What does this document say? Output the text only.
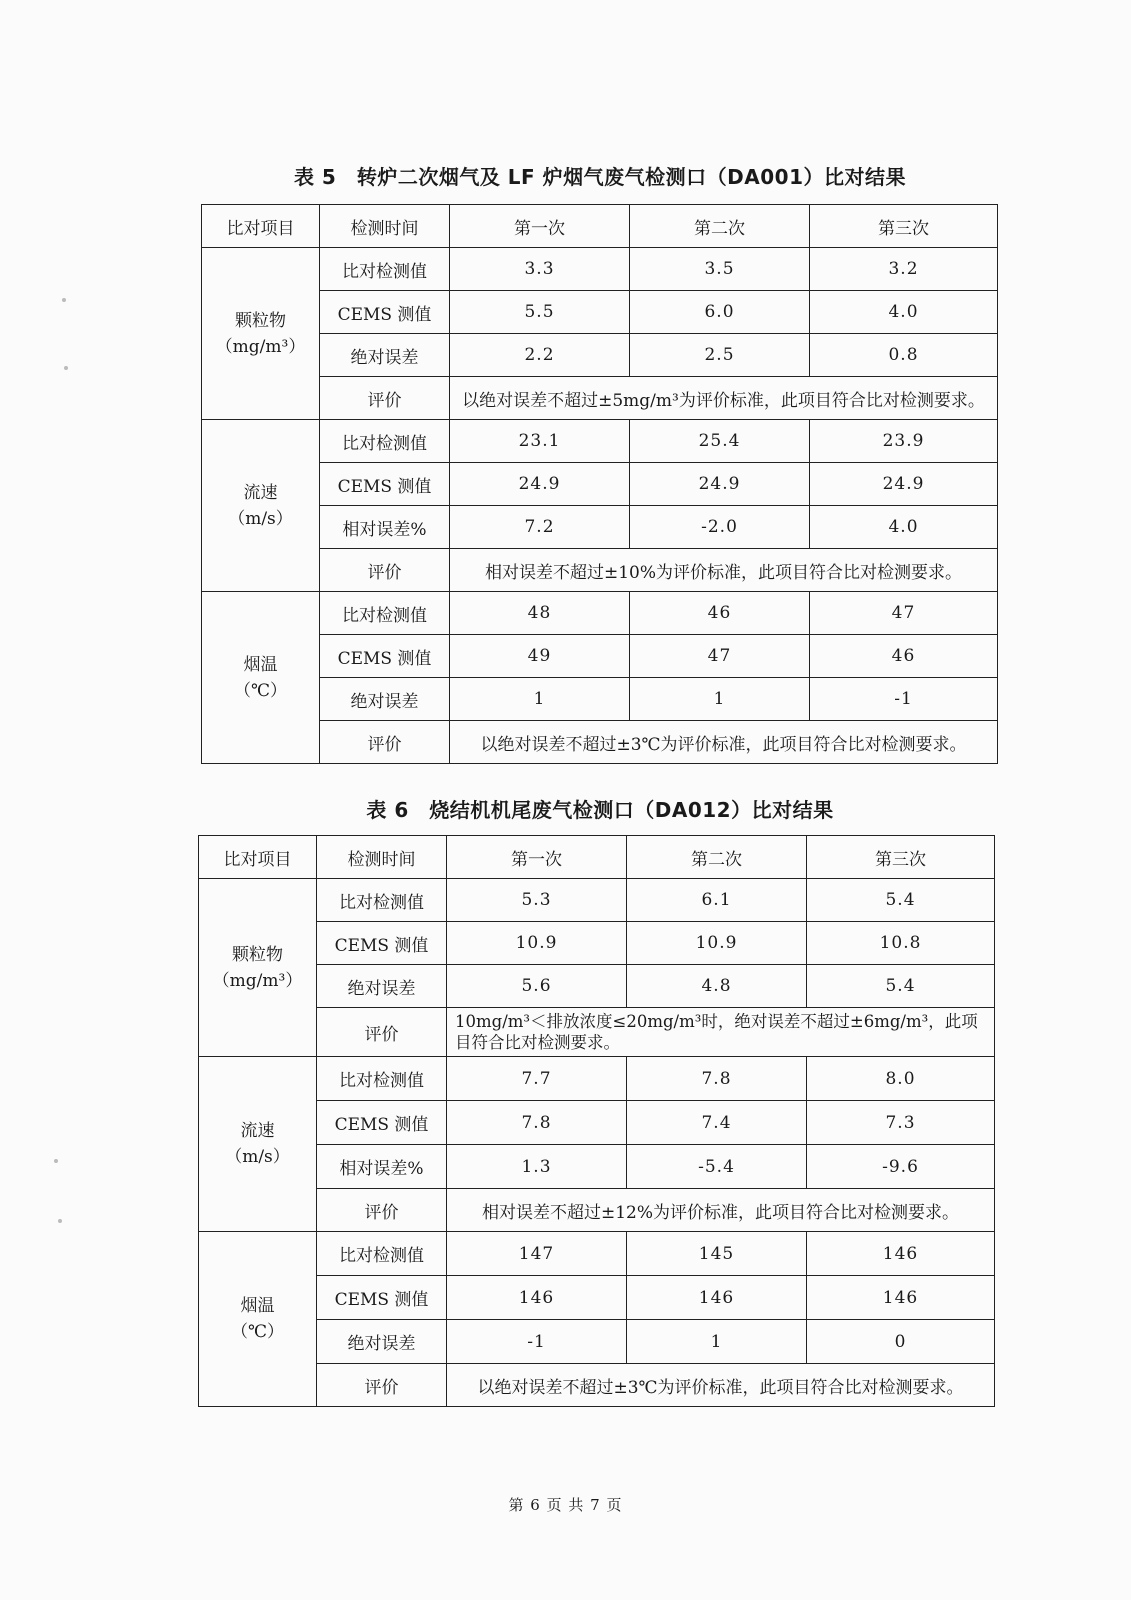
表 5　转炉二次烟气及 LF 炉烟气废气检测口（DA001）比对结果
比对项目	检测时间	第一次	第二次	第三次

颗粒物
（mg/m³）	比对检测值	3.3	3.5	3.2
	CEMS 测值	5.5	6.0	4.0
	绝对误差	2.2	2.5	0.8
	评价	以绝对误差不超过±5mg/m³为评价标准，此项目符合比对检测要求。		

流速
（m/s）	比对检测值	23.1	25.4	23.9
	CEMS 测值	24.9	24.9	24.9
	相对误差%	7.2	-2.0	4.0
	评价	相对误差不超过±10%为评价标准，此项目符合比对检测要求。		

烟温
（℃）	比对检测值	48	46	47
	CEMS 测值	49	47	46
	绝对误差	1	1	-1
	评价	以绝对误差不超过±3℃为评价标准，此项目符合比对检测要求。		
表 6　烧结机机尾废气检测口（DA012）比对结果
比对项目	检测时间	第一次	第二次	第三次

颗粒物
（mg/m³）	比对检测值	5.3	6.1	5.4
	CEMS 测值	10.9	10.9	10.8
	绝对误差	5.6	4.8	5.4
	评价	10mg/m³＜排放浓度≤20mg/m³时，绝对误差不超过±6mg/m³，此项目符合比对检测要求。		

流速
（m/s）	比对检测值	7.7	7.8	8.0
	CEMS 测值	7.8	7.4	7.3
	相对误差%	1.3	-5.4	-9.6
	评价	相对误差不超过±12%为评价标准，此项目符合比对检测要求。		

烟温
（℃）	比对检测值	147	145	146
	CEMS 测值	146	146	146
	绝对误差	-1	1	0
	评价	以绝对误差不超过±3℃为评价标准，此项目符合比对检测要求。		
第 6 页 共 7 页
